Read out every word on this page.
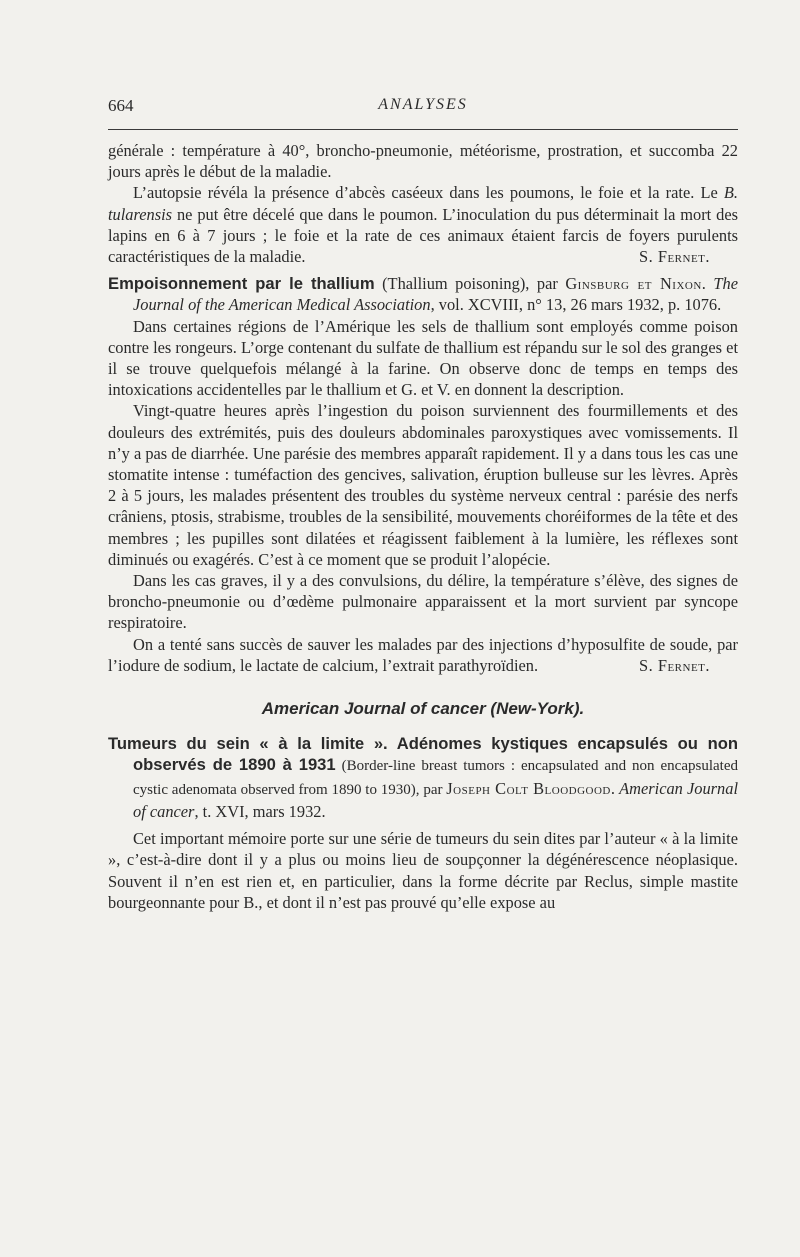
664	ANALYSES

générale : température à 40°, broncho-pneumonie, météorisme, prostration, et succomba 22 jours après le début de la maladie.

L’autopsie révéla la présence d’abcès caséeux dans les poumons, le foie et la rate. Le B. tularensis ne put être décelé que dans le poumon. L’inoculation du pus déterminait la mort des lapins en 6 à 7 jours ; le foie et la rate de ces animaux étaient farcis de foyers purulents caractéristiques de la maladie.	S. Fernet.

Empoisonnement par le thallium (Thallium poisoning), par Ginsburg et Nixon. The Journal of the American Medical Association, vol. XCVIII, n° 13, 26 mars 1932, p. 1076.

Dans certaines régions de l’Amérique les sels de thallium sont employés comme poison contre les rongeurs. L’orge contenant du sulfate de thallium est répandu sur le sol des granges et il se trouve quelquefois mélangé à la farine. On observe donc de temps en temps des intoxications accidentelles par le thallium et G. et V. en donnent la description.

Vingt-quatre heures après l’ingestion du poison surviennent des fourmillements et des douleurs des extrémités, puis des douleurs abdominales paroxystiques avec vomissements. Il n’y a pas de diarrhée. Une parésie des membres apparaît rapidement. Il y a dans tous les cas une stomatite intense : tuméfaction des gencives, salivation, éruption bulleuse sur les lèvres. Après 2 à 5 jours, les malades présentent des troubles du système nerveux central : parésie des nerfs crâniens, ptosis, strabisme, troubles de la sensibilité, mouvements choréiformes de la tête et des membres ; les pupilles sont dilatées et réagissent faiblement à la lumière, les réflexes sont diminués ou exagérés. C’est à ce moment que se produit l’alopécie.

Dans les cas graves, il y a des convulsions, du délire, la température s’élève, des signes de broncho-pneumonie ou d’œdème pulmonaire apparaissent et la mort survient par syncope respiratoire.

On a tenté sans succès de sauver les malades par des injections d’hyposulfite de soude, par l’iodure de sodium, le lactate de calcium, l’extrait parathyroïdien.	S. Fernet.

American Journal of cancer (New-York).

Tumeurs du sein « à la limite ». Adénomes kystiques encapsulés ou non observés de 1890 à 1931 (Border-line breast tumors : encapsulated and non encapsulated cystic adenomata observed from 1890 to 1930), par Joseph Colt Bloodgood. American Journal of cancer, t. XVI, mars 1932.

Cet important mémoire porte sur une série de tumeurs du sein dites par l’auteur « à la limite », c’est-à-dire dont il y a plus ou moins lieu de soupçonner la dégénérescence néoplasique. Souvent il n’en est rien et, en particulier, dans la forme décrite par Reclus, simple mastite bourgeonnante pour B., et dont il n’est pas prouvé qu’elle expose au
